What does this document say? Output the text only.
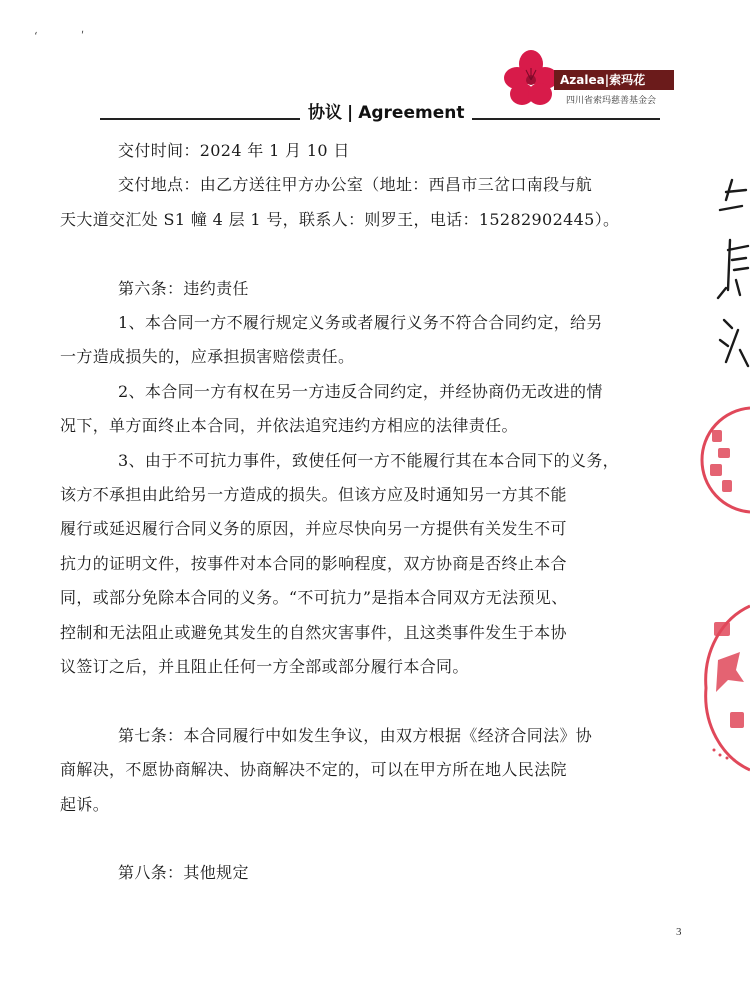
ʻ ʹ
协议 | Agreement
Azalea|索玛花
四川省索玛慈善基金会

交付时间：2024 年 1 月 10 日

交付地点：由乙方送往甲方办公室（地址：西昌市三岔口南段与航

天大道交汇处 S1 幢 4 层 1 号，联系人：则罗王，电话：15282902445）。

第六条：违约责任

1、本合同一方不履行规定义务或者履行义务不符合合同约定，给另

一方造成损失的，应承担损害赔偿责任。

2、本合同一方有权在另一方违反合同约定，并经协商仍无改进的情

况下，单方面终止本合同，并依法追究违约方相应的法律责任。

3、由于不可抗力事件，致使任何一方不能履行其在本合同下的义务，

该方不承担由此给另一方造成的损失。但该方应及时通知另一方其不能

履行或延迟履行合同义务的原因，并应尽快向另一方提供有关发生不可

抗力的证明文件，按事件对本合同的影响程度，双方协商是否终止本合

同，或部分免除本合同的义务。“不可抗力”是指本合同双方无法预见、

控制和无法阻止或避免其发生的自然灾害事件，且这类事件发生于本协

议签订之后，并且阻止任何一方全部或部分履行本合同。

第七条：本合同履行中如发生争议，由双方根据《经济合同法》协

商解决，不愿协商解决、协商解决不定的，可以在甲方所在地人民法院

起诉。

第八条：其他规定

3
